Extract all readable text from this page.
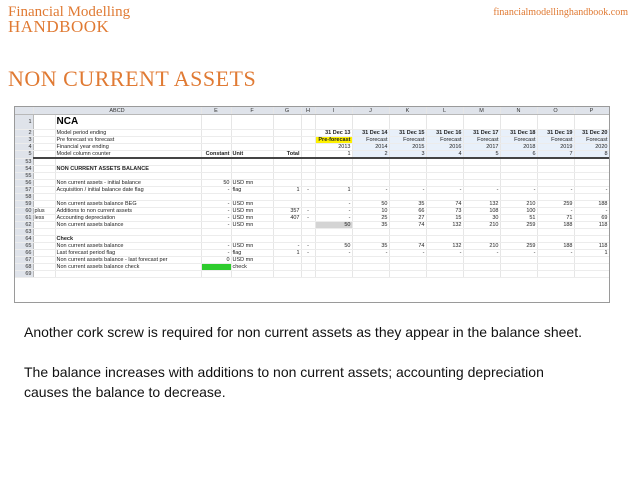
Financial Modelling
HANDBOOK
financialmodellinghandbook.com
NON CURRENT ASSETS
	ABCD		E	F	G	H	I	J	K	L	M	N	O	P	
1		NCA													
2		Model period ending					31 Dec 13	31 Dec 14	31 Dec 15	31 Dec 16	31 Dec 17	31 Dec 18	31 Dec 19	31 Dec 20	
3		Pre forecast vs forecast					Pre-forecast	Forecast	Forecast	Forecast	Forecast	Forecast	Forecast	Forecast	
4		Financial year ending					2013	2014	2015	2016	2017	2018	2019	2020	
5		Model column counter	Constant	Unit	Total		1	2	3	4	5	6	7	8	
53															
54		NON CURRENT ASSETS BALANCE													
55															
56		Non current assets - initial balance	50	USD mn											
57		Acquisition / initial balance date flag	-	flag	1	-	1	-	-	-	-	-	-	-	
58															
59		Non current assets balance BEG	-	USD mn			-	50	35	74	132	210	259	188	
60	plus	Additions to non current assets	-	USD mn	357	-	-	10	66	73	108	100	-	-	
61	less	Accounting depreciation	-	USD mn	407	-	-	25	27	15	30	51	71	69	
62		Non current assets balance	-	USD mn			50	35	74	132	210	259	188	118	
63															
64		Check													
65		Non current assets balance	-	USD mn	-	-	50	35	74	132	210	259	188	118	
66		Last forecast period flag	-	flag	1	-	-	-	-	-	-	-	-	1	
67		Non current assets balance - last forecast per	0	USD mn											
68		Non current assets balance check		check											
69															

Another cork screw is required for non current assets as they appear in the balance sheet.

The balance increases with additions to non current assets; accounting depreciation causes the balance to decrease.
